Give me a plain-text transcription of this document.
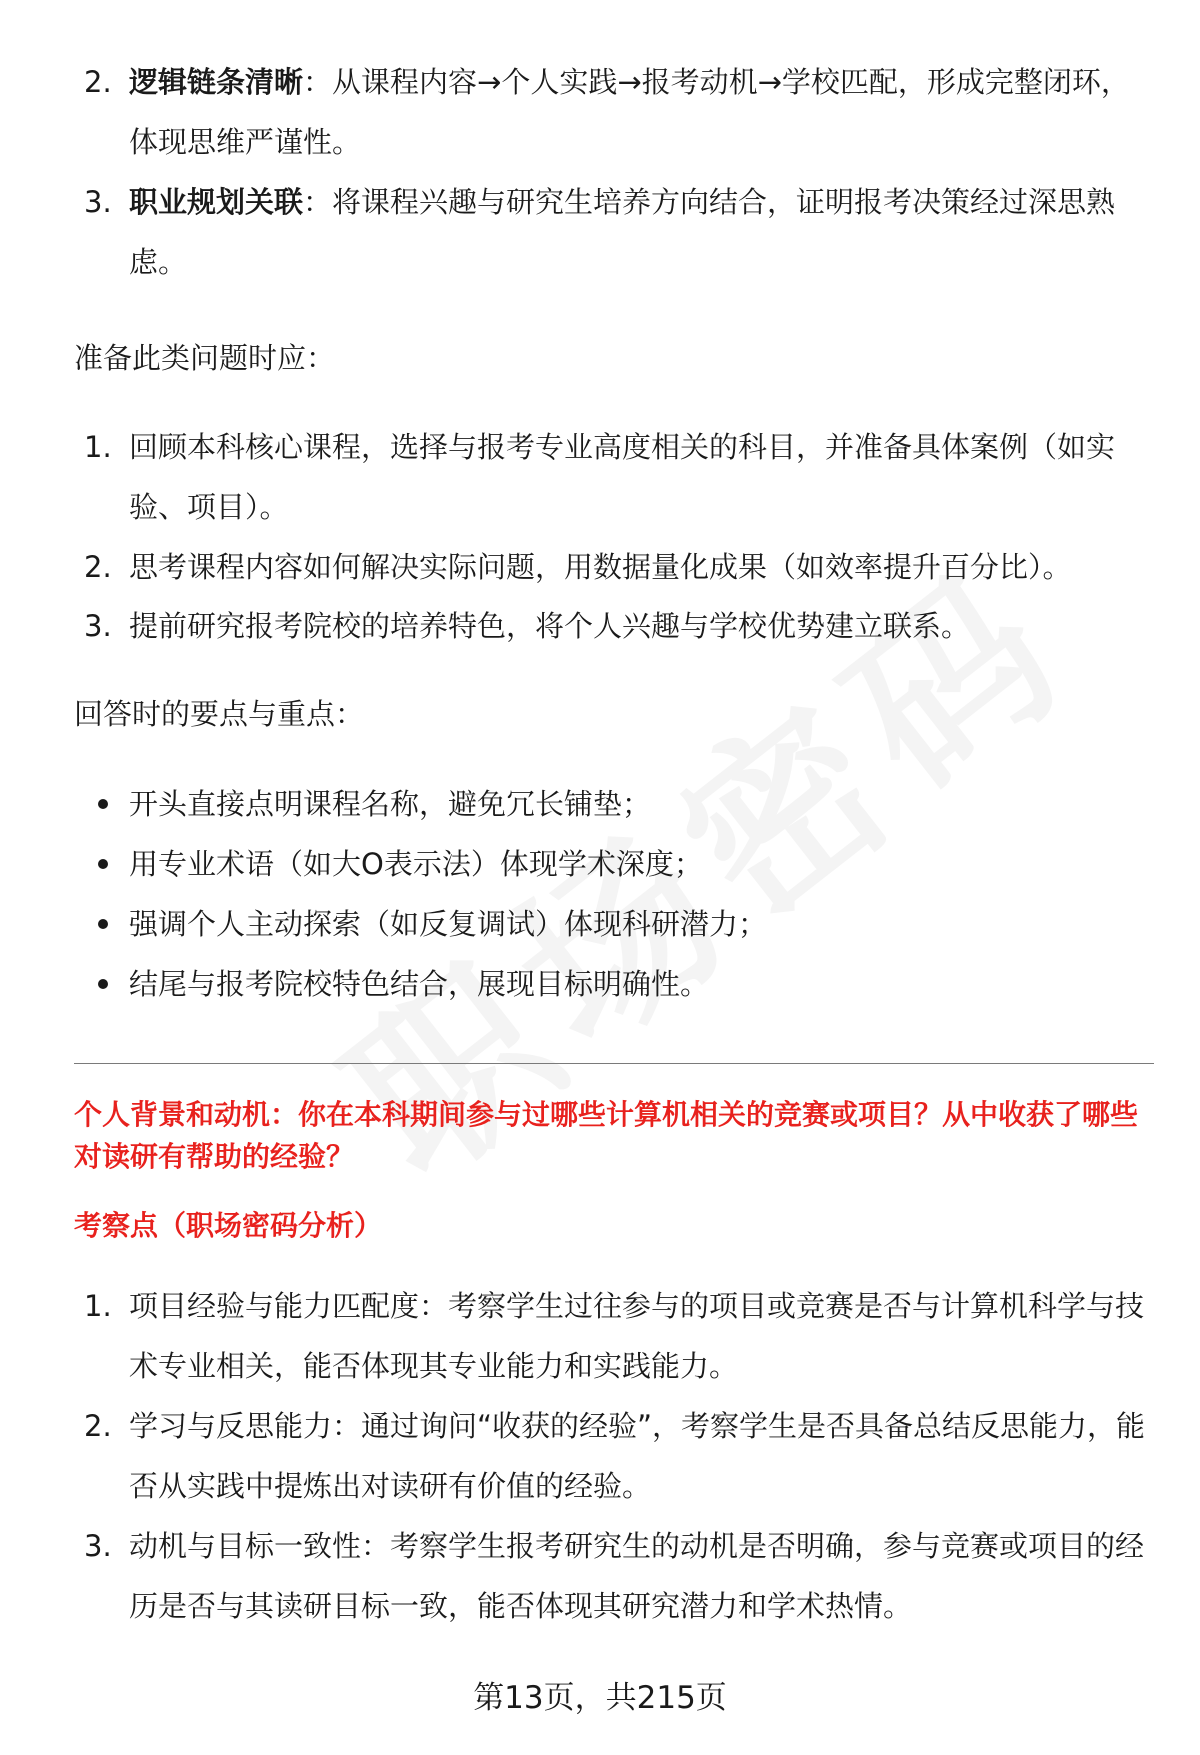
2. 逻辑链条清晰：从课程内容→个人实践→报考动机→学校匹配，形成完整闭环，体现思维严谨性。
3. 职业规划关联：将课程兴趣与研究生培养方向结合，证明报考决策经过深思熟虑。
准备此类问题时应：
1. 回顾本科核心课程，选择与报考专业高度相关的科目，并准备具体案例（如实验、项目）。
2. 思考课程内容如何解决实际问题，用数据量化成果（如效率提升百分比）。
3. 提前研究报考院校的培养特色，将个人兴趣与学校优势建立联系。
回答时的要点与重点：
开头直接点明课程名称，避免冗长铺垫；
用专业术语（如大O表示法）体现学术深度；
强调个人主动探索（如反复调试）体现科研潜力；
结尾与报考院校特色结合，展现目标明确性。
个人背景和动机：你在本科期间参与过哪些计算机相关的竞赛或项目？从中收获了哪些对读研有帮助的经验？
考察点（职场密码分析）
1. 项目经验与能力匹配度：考察学生过往参与的项目或竞赛是否与计算机科学与技术专业相关，能否体现其专业能力和实践能力。
2. 学习与反思能力：通过询问“收获的经验”，考察学生是否具备总结反思能力，能否从实践中提炼出对读研有价值的经验。
3. 动机与目标一致性：考察学生报考研究生的动机是否明确，参与竞赛或项目的经历是否与其读研目标一致，能否体现其研究潜力和学术热情。
第13页，共215页
